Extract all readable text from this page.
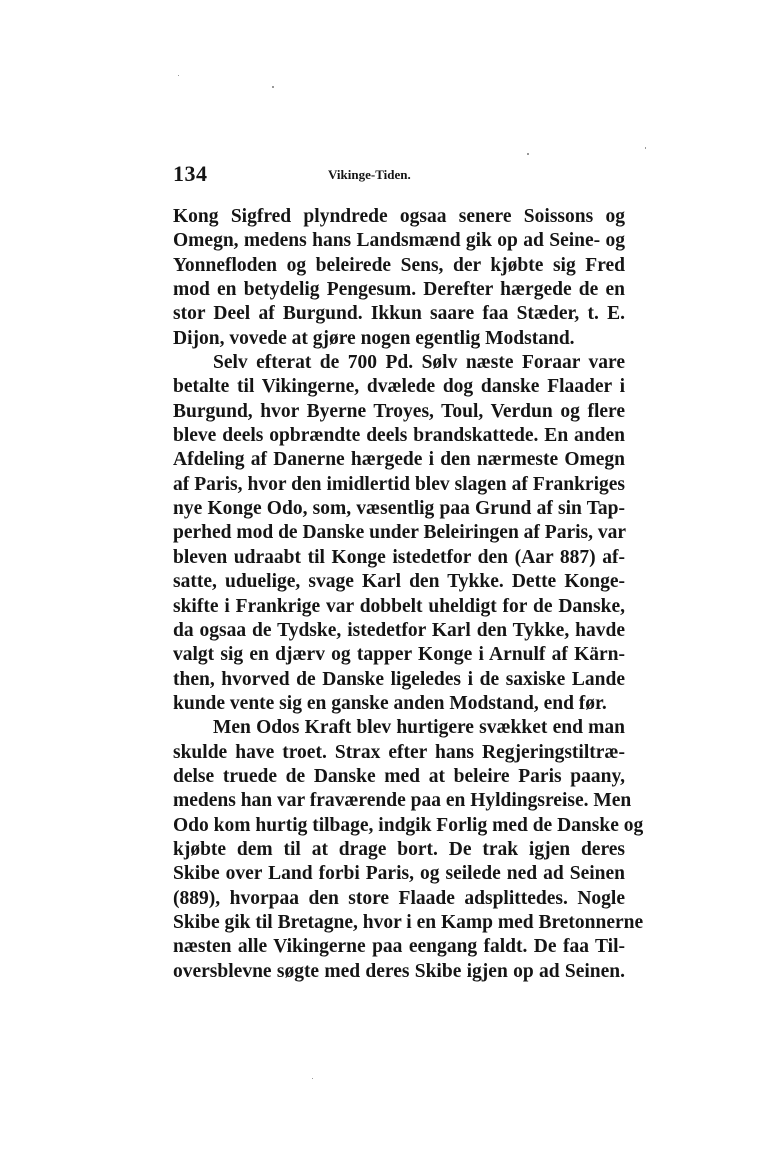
134	Vikinge-Tiden.
Kong Sigfred plyndrede ogsaa senere Soissons og
Omegn, medens hans Landsmænd gik op ad Seine- og
Yonnefloden og beleirede Sens, der kjøbte sig Fred
mod en betydelig Pengesum. Derefter hærgede de en
stor Deel af Burgund. Ikkun saare faa Stæder, t. E.
Dijon, vovede at gjøre nogen egentlig Modstand.
Selv efterat de 700 Pd. Sølv næste Foraar vare
betalte til Vikingerne, dvælede dog danske Flaader i
Burgund, hvor Byerne Troyes, Toul, Verdun og flere
bleve deels opbrændte deels brandskattede. En anden
Afdeling af Danerne hærgede i den nærmeste Omegn
af Paris, hvor den imidlertid blev slagen af Frankriges
nye Konge Odo, som, væsentlig paa Grund af sin Tap-
perhed mod de Danske under Beleiringen af Paris, var
bleven udraabt til Konge istedetfor den (Aar 887) af-
satte, uduelige, svage Karl den Tykke. Dette Konge-
skifte i Frankrige var dobbelt uheldigt for de Danske,
da ogsaa de Tydske, istedetfor Karl den Tykke, havde
valgt sig en djærv og tapper Konge i Arnulf af Kärn-
then, hvorved de Danske ligeledes i de saxiske Lande
kunde vente sig en ganske anden Modstand, end før.
Men Odos Kraft blev hurtigere svækket end man
skulde have troet. Strax efter hans Regjeringstiltræ-
delse truede de Danske med at beleire Paris paany,
medens han var fraværende paa en Hyldingsreise. Men
Odo kom hurtig tilbage, indgik Forlig med de Danske og
kjøbte dem til at drage bort. De trak igjen deres
Skibe over Land forbi Paris, og seilede ned ad Seinen
(889), hvorpaa den store Flaade adsplittedes. Nogle
Skibe gik til Bretagne, hvor i en Kamp med Bretonnerne
næsten alle Vikingerne paa eengang faldt. De faa Til-
oversblevne søgte med deres Skibe igjen op ad Seinen.
